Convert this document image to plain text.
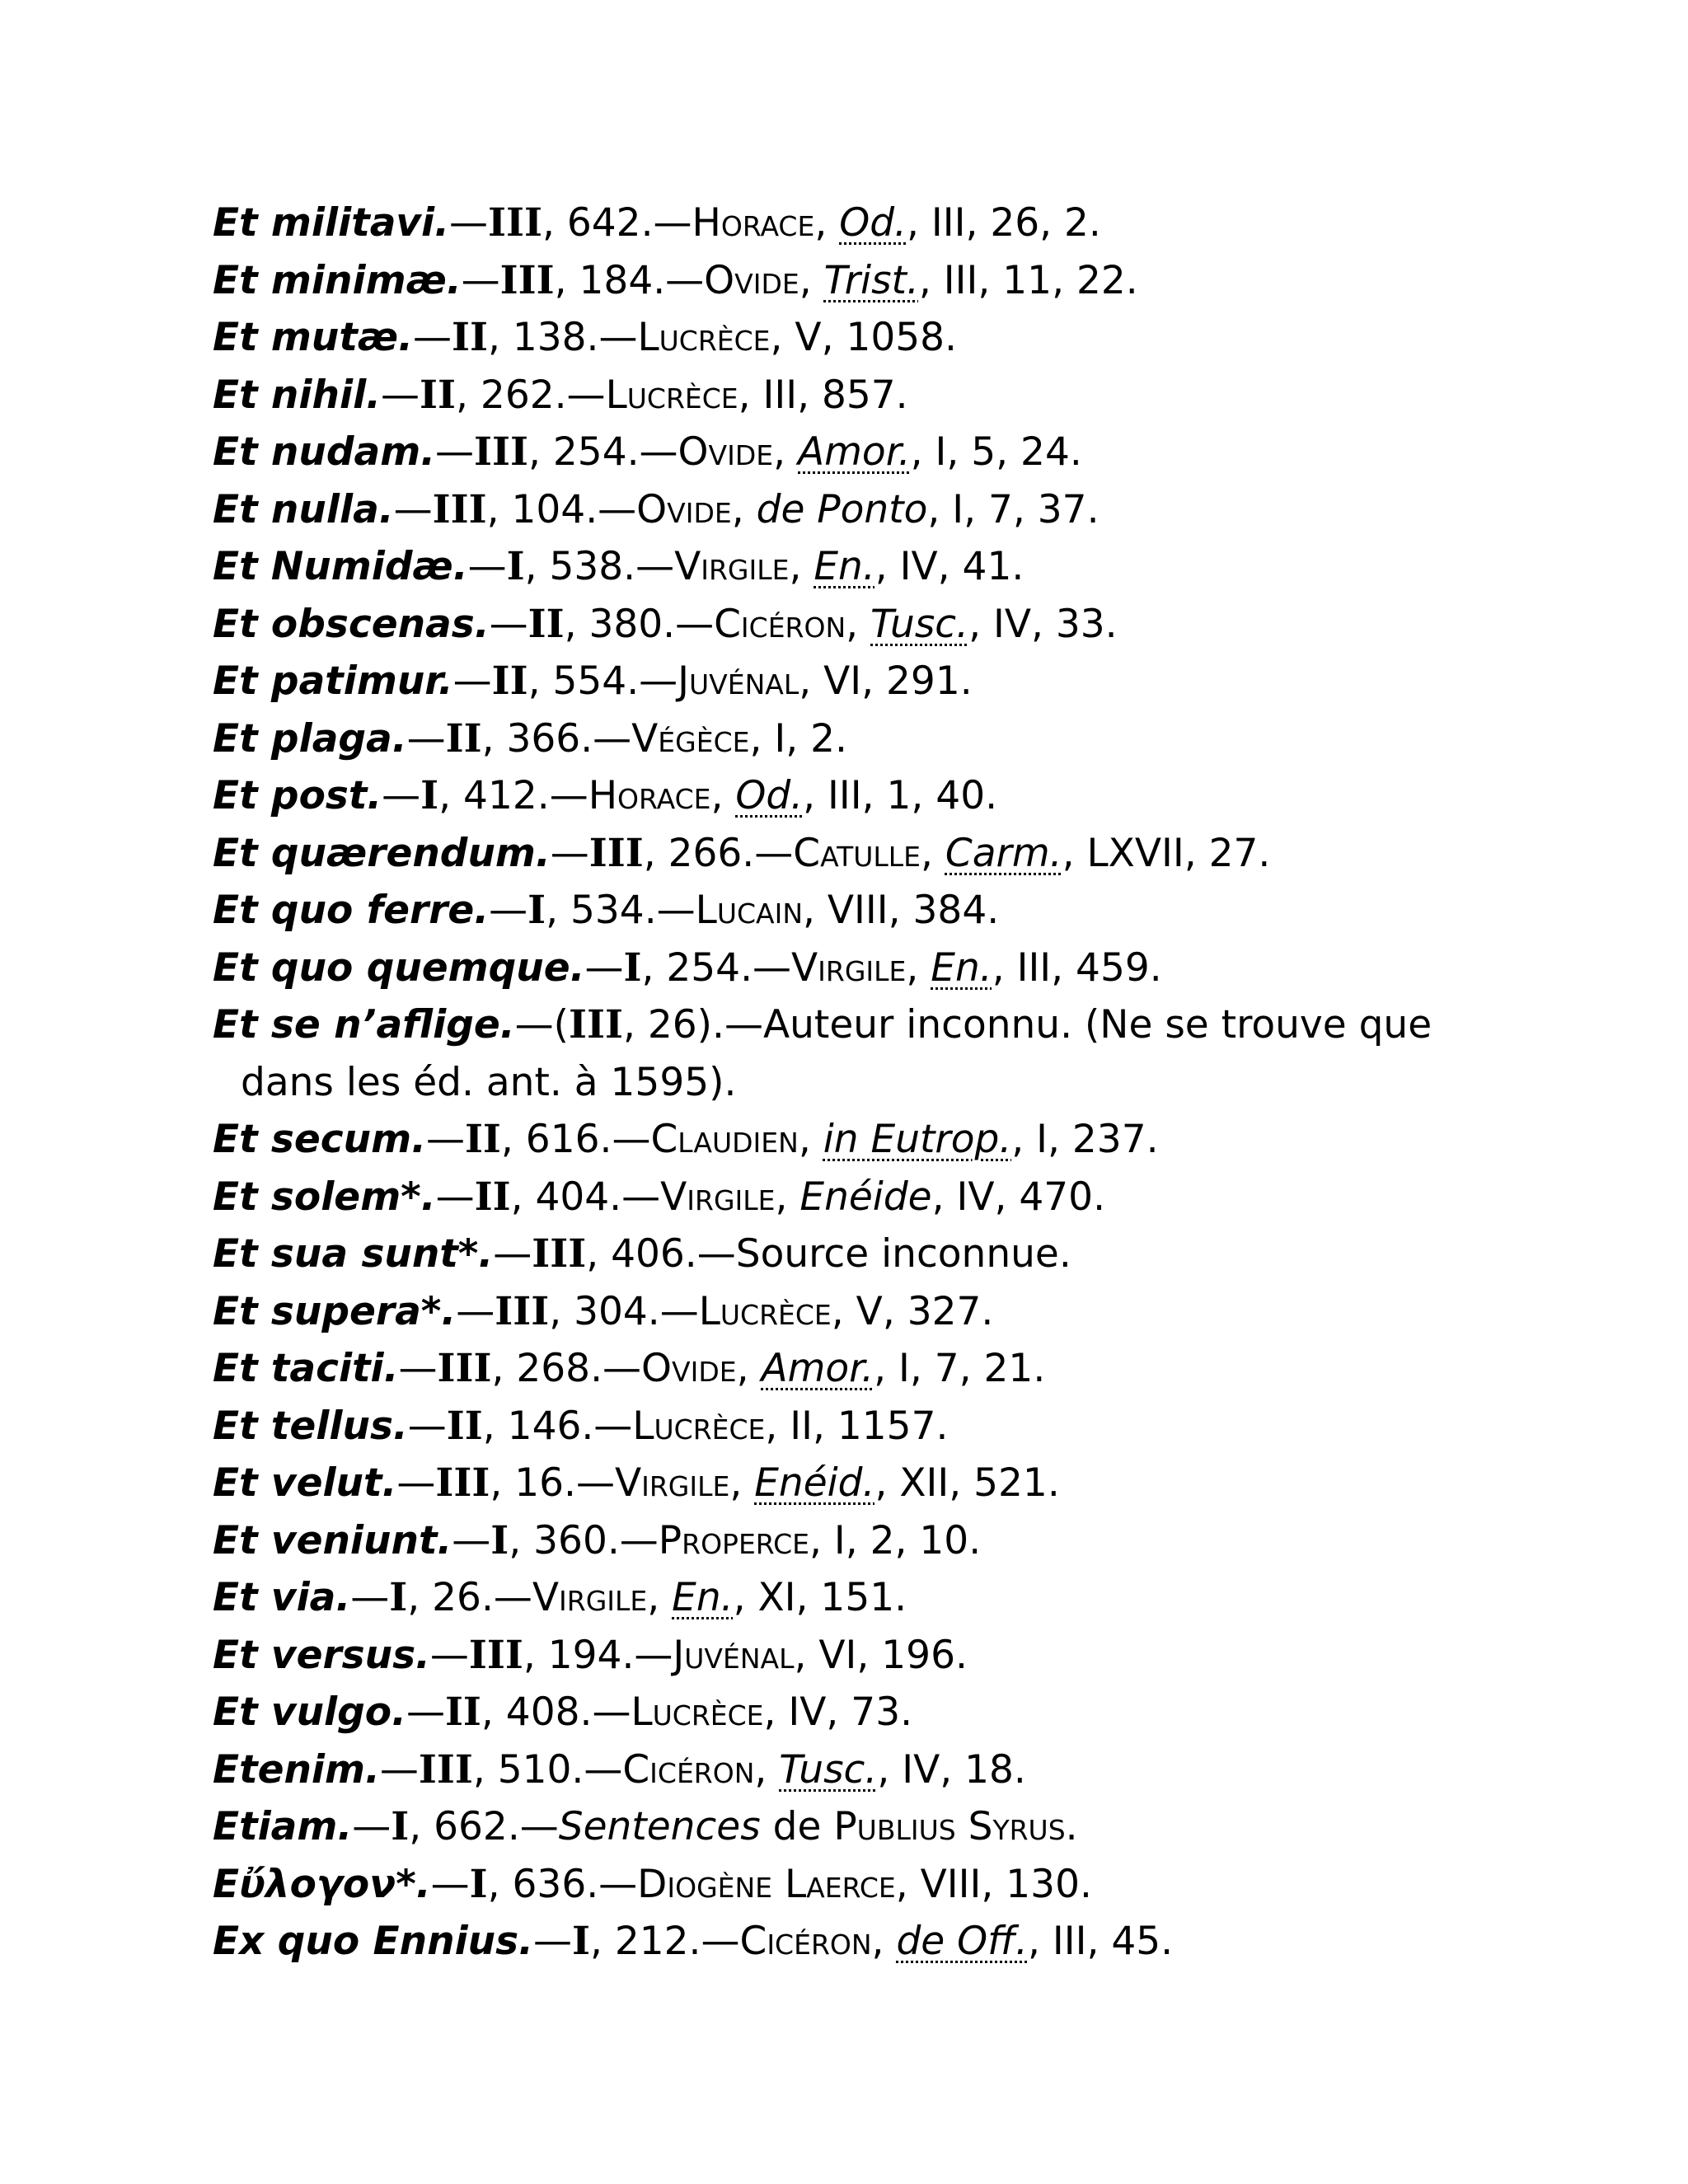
Et militavi.—III, 642.—Horace, Od., III, 26, 2.
Et minimæ.—III, 184.—Ovide, Trist., III, 11, 22.
Et mutæ.—II, 138.—Lucrèce, V, 1058.
Et nihil.—II, 262.—Lucrèce, III, 857.
Et nudam.—III, 254.—Ovide, Amor., I, 5, 24.
Et nulla.—III, 104.—Ovide, de Ponto, I, 7, 37.
Et Numidæ.—I, 538.—Virgile, En., IV, 41.
Et obscenas.—II, 380.—Cicéron, Tusc., IV, 33.
Et patimur.—II, 554.—Juvénal, VI, 291.
Et plaga.—II, 366.—Végèce, I, 2.
Et post.—I, 412.—Horace, Od., III, 1, 40.
Et quærendum.—III, 266.—Catulle, Carm., LXVII, 27.
Et quo ferre.—I, 534.—Lucain, VIII, 384.
Et quo quemque.—I, 254.—Virgile, En., III, 459.
Et se n’aflige.—(III, 26).—Auteur inconnu. (Ne se trouve que dans les éd. ant. à 1595).
Et secum.—II, 616.—Claudien, in Eutrop., I, 237.
Et solem*.—II, 404.—Virgile, Enéide, IV, 470.
Et sua sunt*.—III, 406.—Source inconnue.
Et supera*.—III, 304.—Lucrèce, V, 327.
Et taciti.—III, 268.—Ovide, Amor., I, 7, 21.
Et tellus.—II, 146.—Lucrèce, II, 1157.
Et velut.—III, 16.—Virgile, Enéid., XII, 521.
Et veniunt.—I, 360.—Properce, I, 2, 10.
Et via.—I, 26.—Virgile, En., XI, 151.
Et versus.—III, 194.—Juvénal, VI, 196.
Et vulgo.—II, 408.—Lucrèce, IV, 73.
Etenim.—III, 510.—Cicéron, Tusc., IV, 18.
Etiam.—I, 662.—Sentences de Publius Syrus.
Εὔλογον*.—I, 636.—Diogène Laerce, VIII, 130.
Ex quo Ennius.—I, 212.—Cicéron, de Off., III, 45.
